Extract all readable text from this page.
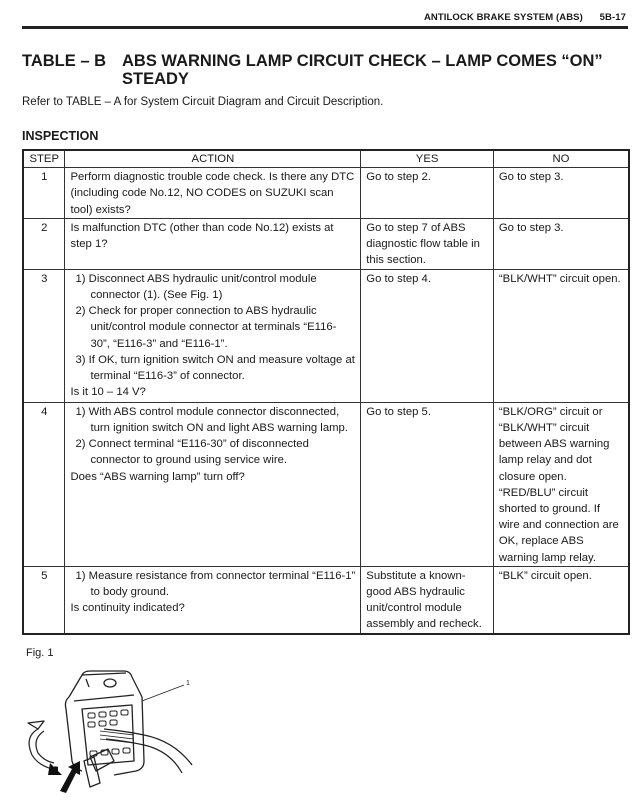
ANTILOCK BRAKE SYSTEM (ABS) 5B-17
TABLE – B ABS WARNING LAMP CIRCUIT CHECK – LAMP COMES “ON”
STEADY
Refer to TABLE – A for System Circuit Diagram and Circuit Description.
INSPECTION
STEP	ACTION	YES	NO
1	Perform diagnostic trouble code check. Is there any DTC (including code No.12, NO CODES on SUZUKI scan tool) exists?	Go to step 2.	Go to step 3.
2	Is malfunction DTC (other than code No.12) exists at step 1?	Go to step 7 of ABS diagnostic flow table in this section.	Go to step 3.
3	1) Disconnect ABS hydraulic unit/control module connector (1). (See Fig. 1)
2) Check for proper connection to ABS hydraulic unit/control module connector at terminals “E116-30”, “E116-3” and “E116-1”.
3) If OK, turn ignition switch ON and measure voltage at terminal “E116-3” of connector.
Is it 10 – 14 V?	Go to step 4.	“BLK/WHT” circuit open.
4	1) With ABS control module connector disconnected, turn ignition switch ON and light ABS warning lamp.
2) Connect terminal “E116-30” of disconnected connector to ground using service wire.
Does “ABS warning lamp” turn off?	Go to step 5.	“BLK/ORG” circuit or “BLK/WHT” circuit between ABS warning lamp relay and dot closure open. “RED/BLU” circuit shorted to ground. If wire and connection are OK, replace ABS warning lamp relay.
5	1) Measure resistance from connector terminal “E116-1” to body ground.
Is continuity indicated?	Substitute a known-good ABS hydraulic unit/control module assembly and recheck.	“BLK” circuit open.
Fig. 1
1
